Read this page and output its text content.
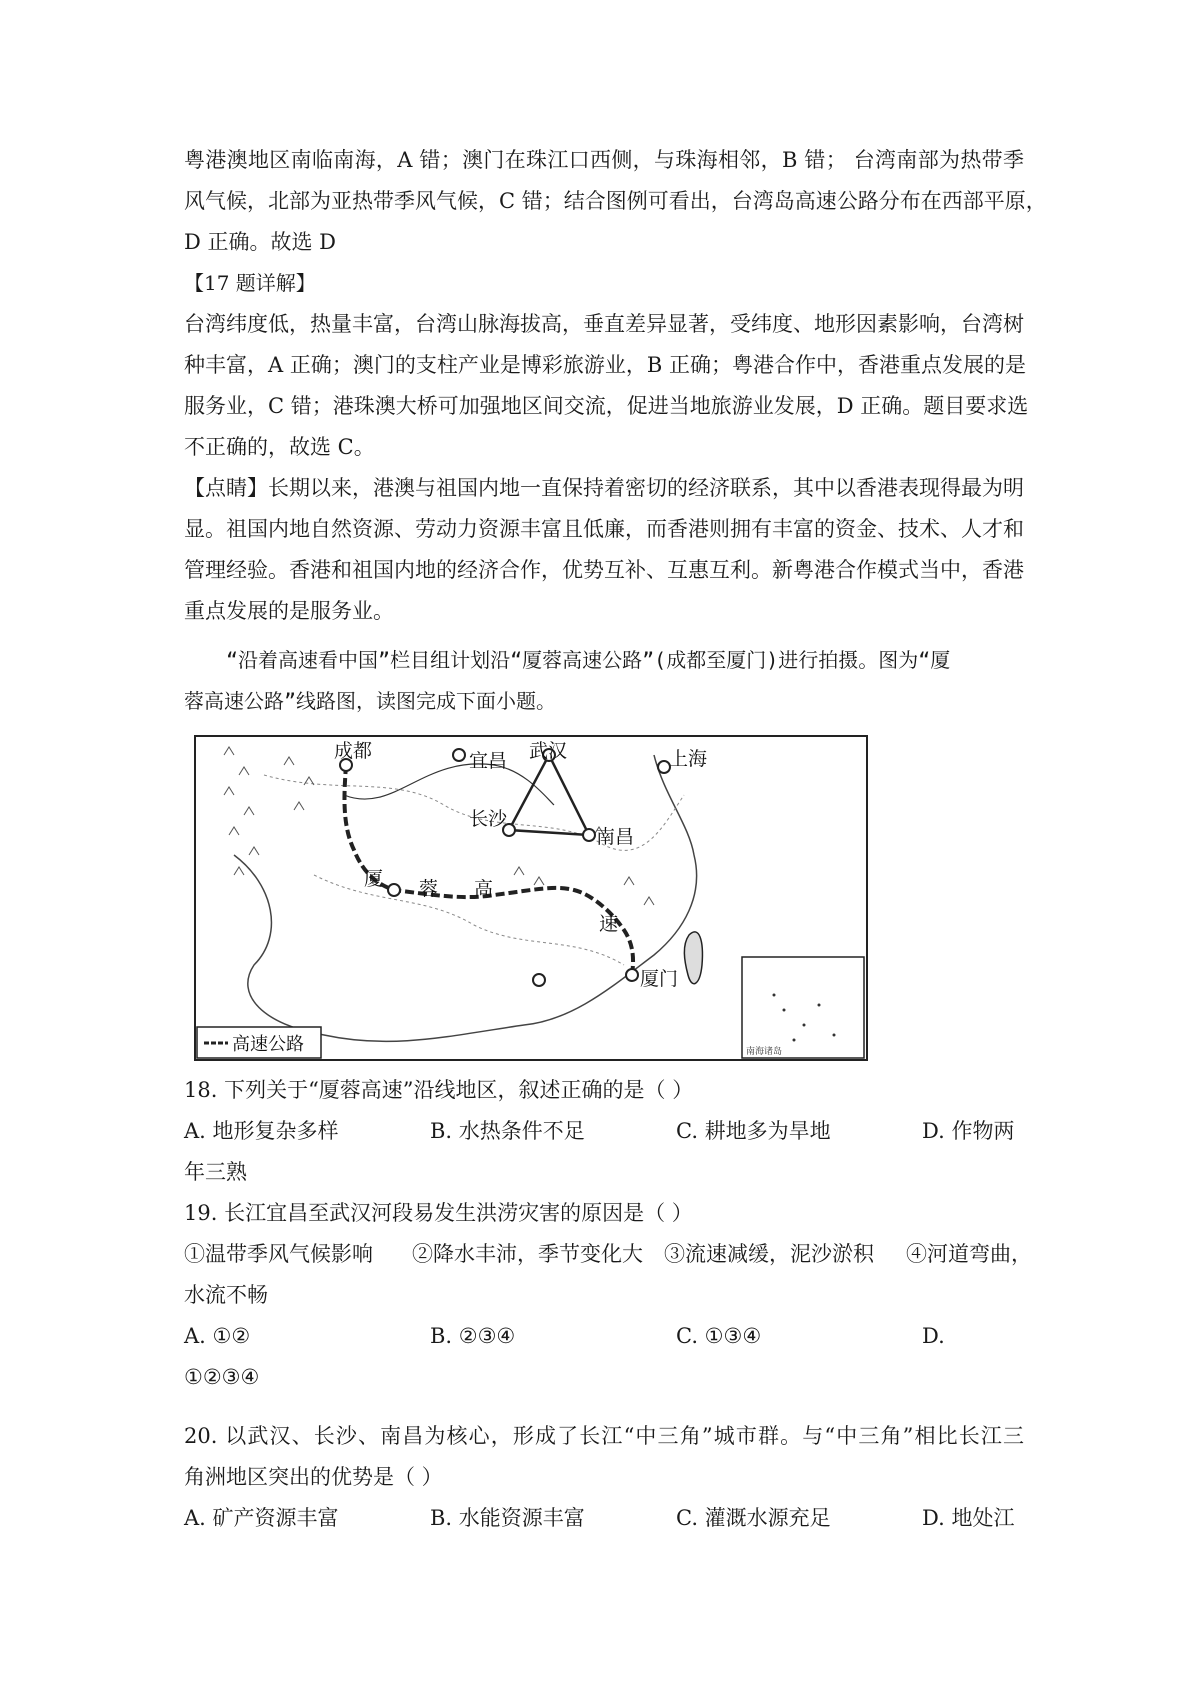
粤港澳地区南临南海，A 错；澳门在珠江口西侧，与珠海相邻，B 错； 台湾南部为热带季
风气候，北部为亚热带季风气候，C 错；结合图例可看出，台湾岛高速公路分布在西部平原，
D 正确。故选 D
【17 题详解】
台湾纬度低，热量丰富，台湾山脉海拔高，垂直差异显著，受纬度、地形因素影响，台湾树
种丰富，A 正确；澳门的支柱产业是博彩旅游业，B 正确；粤港合作中，香港重点发展的是
服务业，C 错；港珠澳大桥可加强地区间交流，促进当地旅游业发展，D 正确。题目要求选
不正确的，故选 C。
【点睛】长期以来，港澳与祖国内地一直保持着密切的经济联系，其中以香港表现得最为明
显。祖国内地自然资源、劳动力资源丰富且低廉，而香港则拥有丰富的资金、技术、人才和
管理经验。香港和祖国内地的经济合作，优势互补、互惠互利。新粤港合作模式当中，香港
重点发展的是服务业。
“沿着高速看中国”栏目组计划沿“厦蓉高速公路”(成都至厦门)进行拍摄。图为“厦
蓉高速公路”线路图，读图完成下面小题。
成都	宜昌 武汉	上海
长沙
南昌
厦门
厦 蓉 高
速
高速公路	南海诸岛
18. 下列关于“厦蓉高速”沿线地区，叙述正确的是（ ）
A. 地形复杂多样	B. 水热条件不足	C. 耕地多为旱地	D. 作物两
年三熟
19. 长江宜昌至武汉河段易发生洪涝灾害的原因是（ ）
①温带季风气候影响 ②降水丰沛，季节变化大 ③流速减缓，泥沙淤积 ④河道弯曲，
水流不畅
A. ①②	B. ②③④	C. ①③④	D.
①②③④
20. 以武汉、长沙、南昌为核心，形成了长江“中三角”城市群。与“中三角”相比长江三
角洲地区突出的优势是（ ）
A. 矿产资源丰富	B. 水能资源丰富	C. 灌溉水源充足	D. 地处江
